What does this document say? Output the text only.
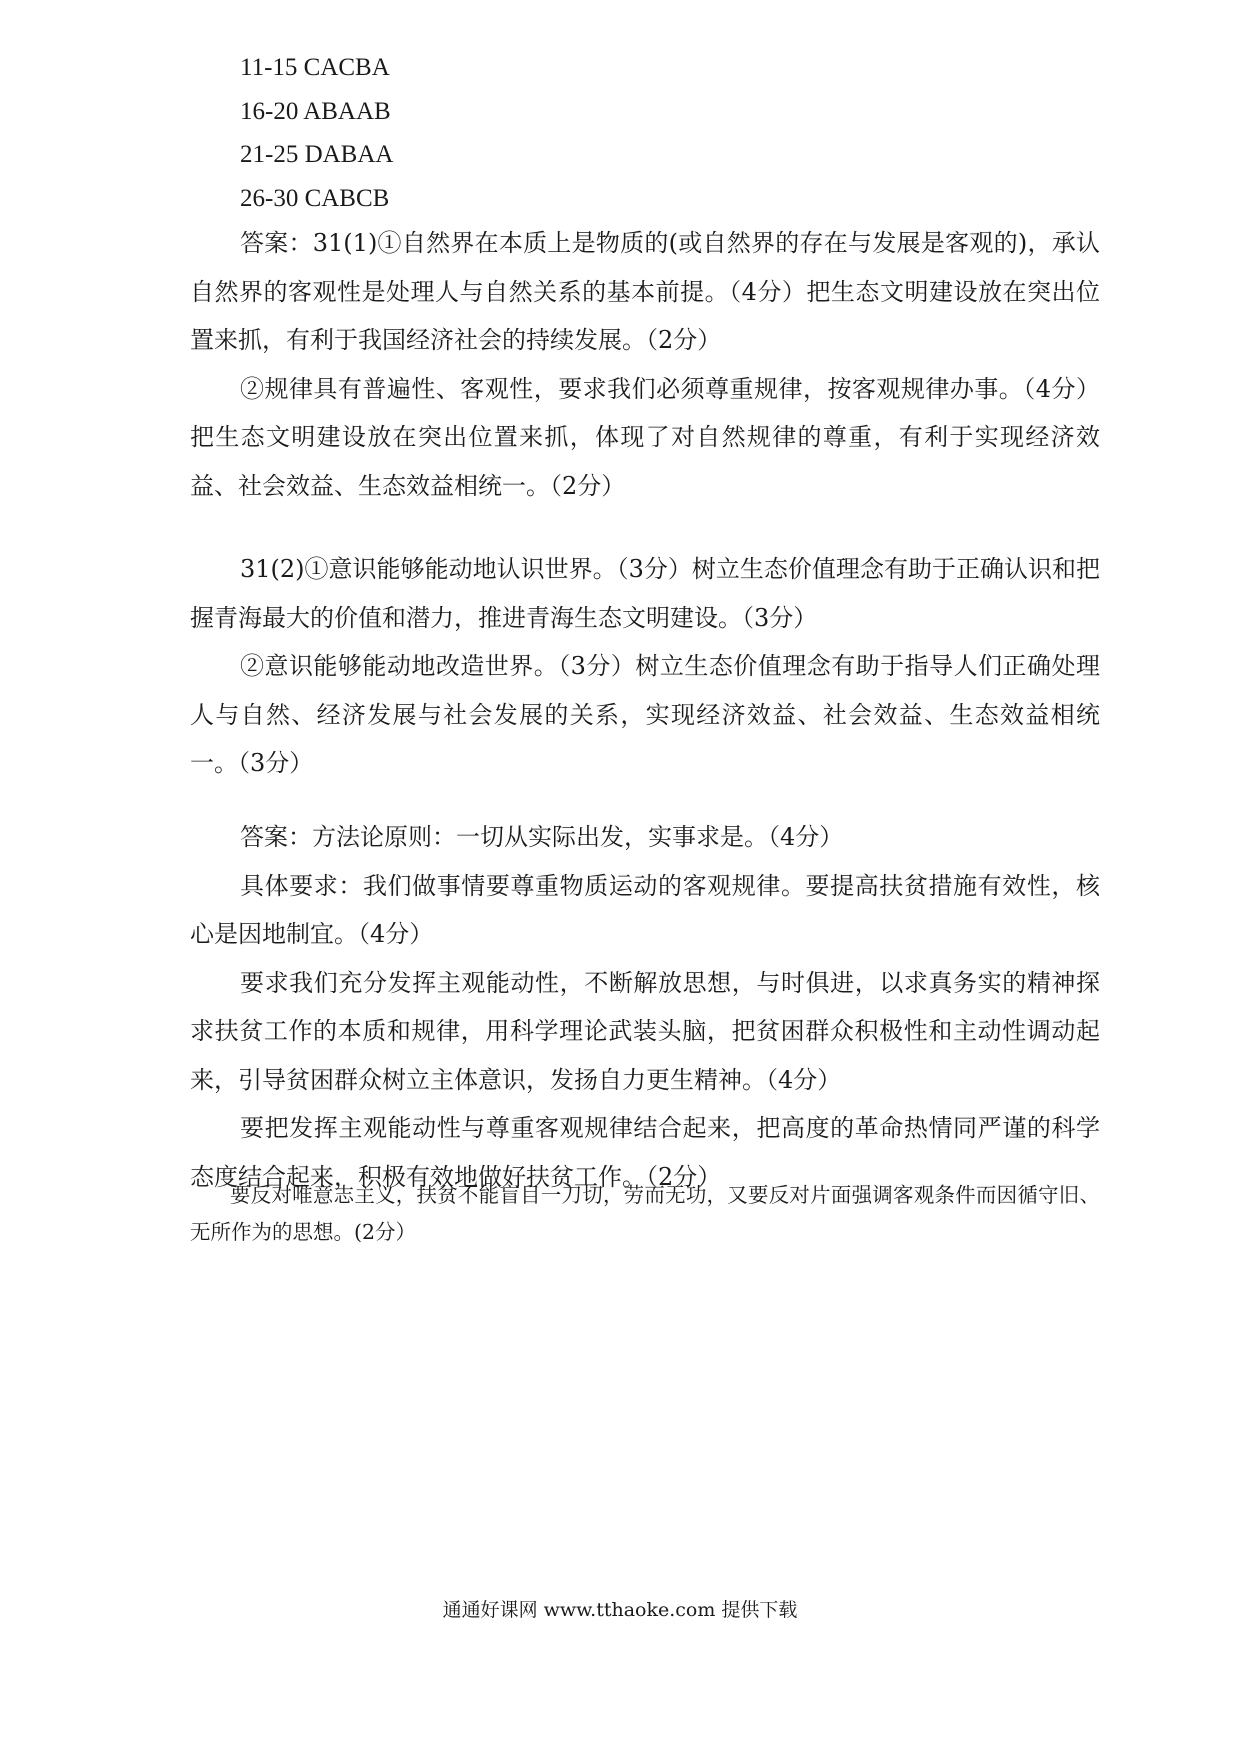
11-15 CACBA
16-20 ABAAB
21-25 DABAA
26-30 CABCB

答案：31(1)①自然界在本质上是物质的(或自然界的存在与发展是客观的)，承认自然界的客观性是处理人与自然关系的基本前提。（4分）把生态文明建设放在突出位置来抓，有利于我国经济社会的持续发展。（2分）

②规律具有普遍性、客观性，要求我们必须尊重规律，按客观规律办事。（4分）把生态文明建设放在突出位置来抓，体现了对自然规律的尊重，有利于实现经济效益、社会效益、生态效益相统一。（2分）

31(2)①意识能够能动地认识世界。（3分）树立生态价值理念有助于正确认识和把握青海最大的价值和潜力，推进青海生态文明建设。（3分）

②意识能够能动地改造世界。（3分）树立生态价值理念有助于指导人们正确处理人与自然、经济发展与社会发展的关系，实现经济效益、社会效益、生态效益相统一。（3分）

答案：方法论原则：一切从实际出发，实事求是。（4分）

具体要求：我们做事情要尊重物质运动的客观规律。要提高扶贫措施有效性，核心是因地制宜。（4分）

要求我们充分发挥主观能动性，不断解放思想，与时俱进，以求真务实的精神探求扶贫工作的本质和规律，用科学理论武装头脑，把贫困群众积极性和主动性调动起来，引导贫困群众树立主体意识，发扬自力更生精神。（4分）

要把发挥主观能动性与尊重客观规律结合起来，把高度的革命热情同严谨的科学态度结合起来，积极有效地做好扶贫工作。（2分）

要反对唯意志主义，扶贫不能盲目一刀切，劳而无功，又要反对片面强调客观条件而因循守旧、无所作为的思想。(2分）

通通好课网 www.tthaoke.com 提供下载
